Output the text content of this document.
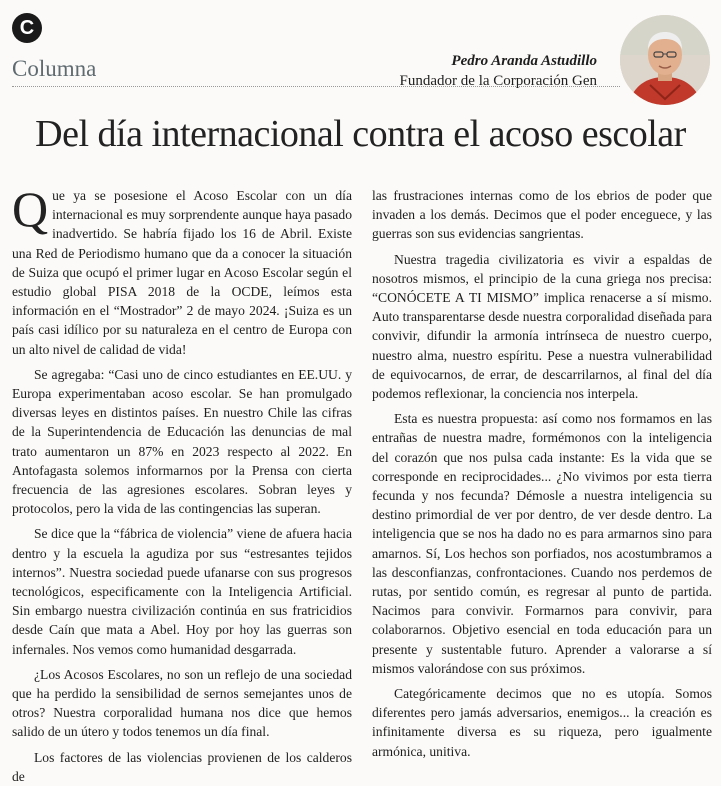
C
Columna	Pedro Aranda Astudillo
Fundador de la Corporación Gen
Del día internacional contra el acoso escolar

Que ya se posesione el Acoso Escolar con un día internacional es muy sorprendente aunque haya pasado inadvertido. Se habría fijado los 16 de Abril. Existe una Red de Periodismo humano que da a conocer la situación de Suiza que ocupó el primer lugar en Acoso Escolar según el estudio global PISA 2018 de la OCDE, leímos esta información en el “Mostrador” 2 de mayo 2024. ¡Suiza es un país casi idílico por su naturaleza en el centro de Europa con un alto nivel de calidad de vida!

Se agregaba: “Casi uno de cinco estudiantes en EE.UU. y Europa experimentaban acoso escolar. Se han promulgado diversas leyes en distintos países. En nuestro Chile las cifras de la Superintendencia de Educación las denuncias de mal trato aumentaron un 87% en 2023 respecto al 2022. En Antofagasta solemos informarnos por la Prensa con cierta frecuencia de las agresiones escolares. Sobran leyes y protocolos, pero la vida de las contingencias las superan.

Se dice que la “fábrica de violencia” viene de afuera hacia dentro y la escuela la agudiza por sus “estresantes tejidos internos”. Nuestra sociedad puede ufanarse con sus progresos tecnológicos, especificamente con la Inteligencia Artificial. Sin embargo nuestra civilización continúa en sus fratricidios desde Caín que mata a Abel. Hoy por hoy las guerras son infernales. Nos vemos como humanidad desgarrada.

¿Los Acosos Escolares, no son un reflejo de una sociedad que ha perdido la sensibilidad de sernos semejantes unos de otros? Nuestra corporalidad humana nos dice que hemos salido de un útero y todos tenemos un día final.

Los factores de las violencias provienen de los calderos de

las frustraciones internas como de los ebrios de poder que invaden a los demás. Decimos que el poder enceguece, y las guerras son sus evidencias sangrientas.

Nuestra tragedia civilizatoria es vivir a espaldas de nosotros mismos, el principio de la cuna griega nos precisa: “CONÓCETE A TI MISMO” implica renacerse a sí mismo. Auto transparentarse desde nuestra corporalidad diseñada para convivir, difundir la armonía intrínseca de nuestro cuerpo, nuestro alma, nuestro espíritu. Pese a nuestra vulnerabilidad de equivocarnos, de errar, de descarrilarnos, al final del día podemos reflexionar, la conciencia nos interpela.

Esta es nuestra propuesta: así como nos formamos en las entrañas de nuestra madre, formémonos con la inteligencia del corazón que nos pulsa cada instante: Es la vida que se corresponde en reciprocidades... ¿No vivimos por esta tierra fecunda y nos fecunda? Démosle a nuestra inteligencia su destino primordial de ver por dentro, de ver desde dentro. La inteligencia que se nos ha dado no es para armarnos sino para amarnos. Sí, Los hechos son porfiados, nos acostumbramos a las desconfianzas, confrontaciones. Cuando nos perdemos de rutas, por sentido común, es regresar al punto de partida. Nacimos para convivir. Formarnos para convivir, para colaborarnos. Objetivo esencial en toda educación para un presente y sustentable futuro. Aprender a valorarse a sí mismos valorándose con sus próximos.

Categóricamente decimos que no es utopía. Somos diferentes pero jamás adversarios, enemigos... la creación es infinitamente diversa es su riqueza, pero igualmente armónica, unitiva.
